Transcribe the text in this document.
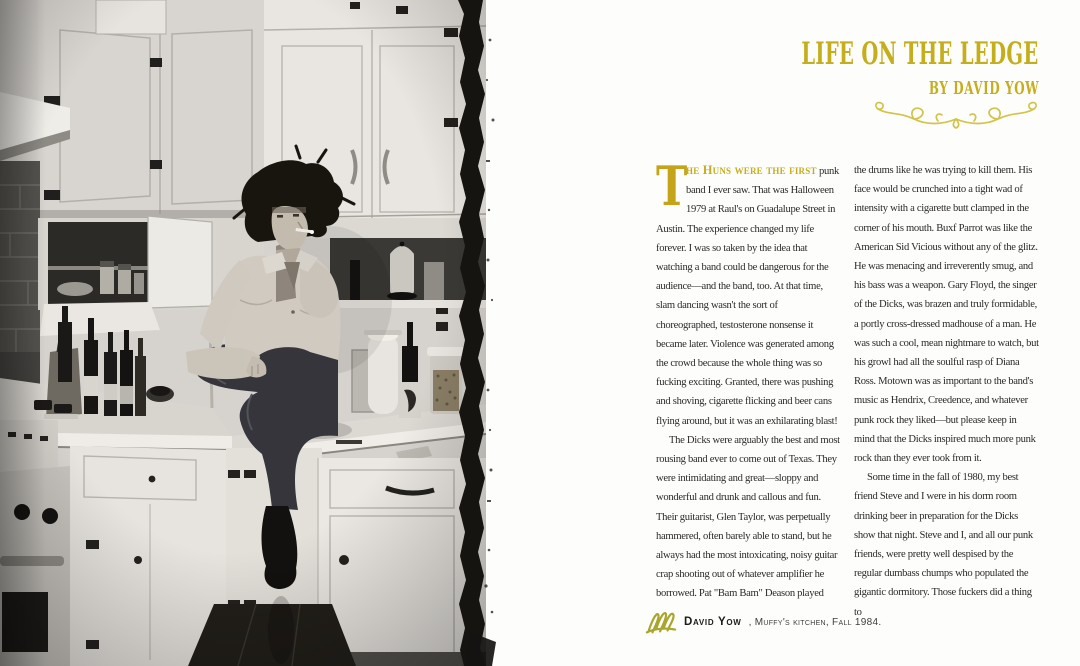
LIFE ON THE LEDGE
BY DAVID YOW

T
he Huns were the first punk band I ever saw. That was Halloween 1979 at Raul's on Guadalupe Street in Austin. The experience changed my life forever. I was so taken by the idea that watching a band could be dangerous for the audience—and the band, too. At that time, slam dancing wasn't the sort of choreographed, testosterone nonsense it became later. Violence was generated among the crowd because the whole thing was so fucking exciting. Granted, there was pushing and shoving, cigarette flicking and beer cans flying around, but it was an exhilarating blast!

The Dicks were arguably the best and most rousing band ever to come out of Texas. They were intimidating and great—sloppy and wonderful and drunk and callous and fun. Their guitarist, Glen Taylor, was perpetually hammered, often barely able to stand, but he always had the most intoxicating, noisy guitar crap shooting out of whatever amplifier he borrowed. Pat "Bam Bam" Deason played

the drums like he was trying to kill them. His face would be crunched into a tight wad of intensity with a cigarette butt clamped in the corner of his mouth. Buxf Parrot was like the American Sid Vicious without any of the glitz. He was menacing and irreverently smug, and his bass was a weapon. Gary Floyd, the singer of the Dicks, was brazen and truly formidable, a portly cross-dressed madhouse of a man. He was such a cool, mean nightmare to watch, but his growl had all the soulful rasp of Diana Ross. Motown was as important to the band's music as Hendrix, Creedence, and whatever punk rock they liked—but please keep in mind that the Dicks inspired much more punk rock than they ever took from it.

Some time in the fall of 1980, my best friend Steve and I were in his dorm room drinking beer in preparation for the Dicks show that night. Steve and I, and all our punk friends, were pretty well despised by the regular dumbass chumps who populated the gigantic dormitory. Those fuckers did a thing to

David Yow , Muffy's kitchen, Fall 1984.
